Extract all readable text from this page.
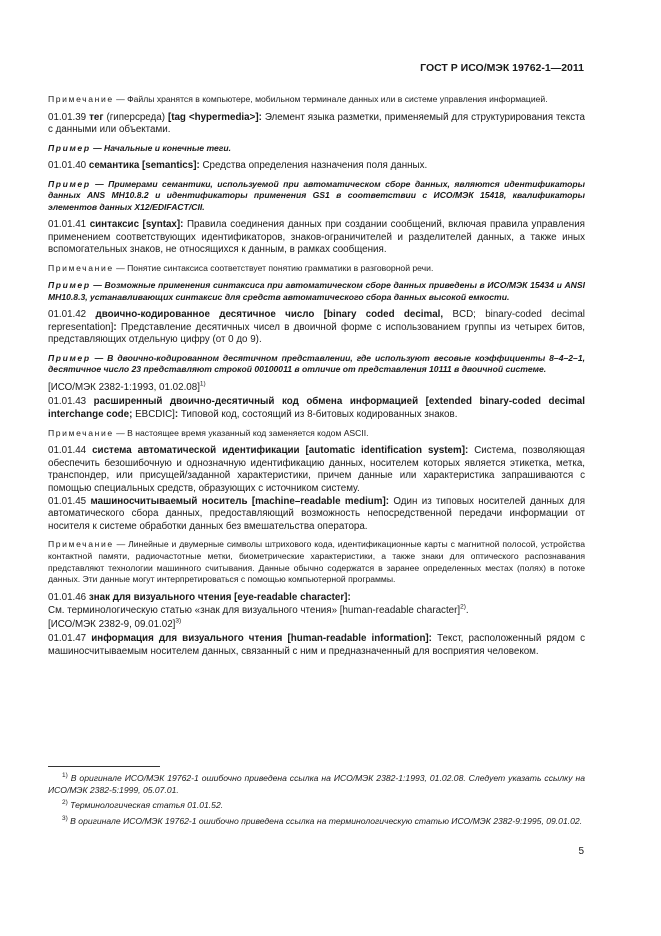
ГОСТ Р ИСО/МЭК 19762-1—2011

Примечание — Файлы хранятся в компьютере, мобильном терминале данных или в системе управления информацией.

01.01.39 тег (гиперсреда) [tag <hypermedia>]: Элемент языка разметки, применяемый для структурирования текста с данными или объектами.

Пример — Начальные и конечные теги.

01.01.40 семантика [semantics]: Средства определения назначения поля данных.

Пример — Примерами семантики, используемой при автоматическом сборе данных, являются идентификаторы данных ANS MH10.8.2 и идентификаторы применения GS1 в соответствии с ИСО/МЭК 15418, квалификаторы элементов данных X12/EDIFACT/CII.

01.01.41 синтаксис [syntax]: Правила соединения данных при создании сообщений, включая правила управления применением соответствующих идентификаторов, знаков-ограничителей и разделителей данных, а также иных вспомогательных знаков, не относящихся к данным, в рамках сообщения.

Примечание — Понятие синтаксиса соответствует понятию грамматики в разговорной речи.

Пример — Возможные применения синтаксиса при автоматическом сборе данных приведены в ИСО/МЭК 15434 и ANSI MH10.8.3, устанавливающих синтаксис для средств автоматического сбора данных высокой емкости.

01.01.42 двоично-кодированное десятичное число [binary coded decimal, BCD; binary-coded decimal representation]: Представление десятичных чисел в двоичной форме с использованием группы из четырех битов, представляющих отдельную цифру (от 0 до 9).

Пример — В двоично-кодированном десятичном представлении, где используют весовые коэффициенты 8–4–2–1, десятичное число 23 представляют строкой 00100011 в отличие от представления 10111 в двоичной системе.

[ИСО/МЭК 2382-1:1993, 01.02.08]$^{1)}$

01.01.43 расширенный двоично-десятичный код обмена информацией [extended binary-coded decimal interchange code; EBCDIC]: Типовой код, состоящий из 8-битовых кодированных знаков.

Примечание — В настоящее время указанный код заменяется кодом ASCII.

01.01.44 система автоматической идентификации [automatic identification system]: Система, позволяющая обеспечить безошибочную и однозначную идентификацию данных, носителем которых является этикетка, метка, транспондер, или присущей/заданной характеристики, причем данные или характеристика запрашиваются с помощью специальных средств, образующих с источником систему.

01.01.45 машиносчитываемый носитель [machine–readable medium]: Один из типовых носителей данных для автоматического сбора данных, предоставляющий возможность непосредственной передачи информации от носителя к системе обработки данных без вмешательства оператора.

Примечание — Линейные и двумерные символы штрихового кода, идентификационные карты с магнитной полосой, устройства контактной памяти, радиочастотные метки, биометрические характеристики, а также знаки для оптического распознавания представляют технологии машинного считывания. Данные обычно содержатся в заранее определенных местах (полях) в потоке данных. Эти данные могут интерпретироваться с помощью компьютерной программы.

01.01.46 знак для визуального чтения [eye-readable character]:

См. терминологическую статью «знак для визуального чтения» [human-readable character]$^{2)}$.

[ИСО/МЭК 2382-9, 09.01.02]$^{3)}$

01.01.47 информация для визуального чтения [human-readable information]: Текст, расположенный рядом с машиносчитываемым носителем данных, связанный с ним и предназначенный для восприятия человеком.

$^{1)}$ В оригинале ИСО/МЭК 19762-1 ошибочно приведена ссылка на ИСО/МЭК 2382-1:1993, 01.02.08. Следует указать ссылку на ИСО/МЭК 2382-5:1999, 05.07.01.

$^{2)}$ Терминологическая статья 01.01.52.

$^{3)}$ В оригинале ИСО/МЭК 19762-1 ошибочно приведена ссылка на терминологическую статью ИСО/МЭК 2382-9:1995, 09.01.02.

5
